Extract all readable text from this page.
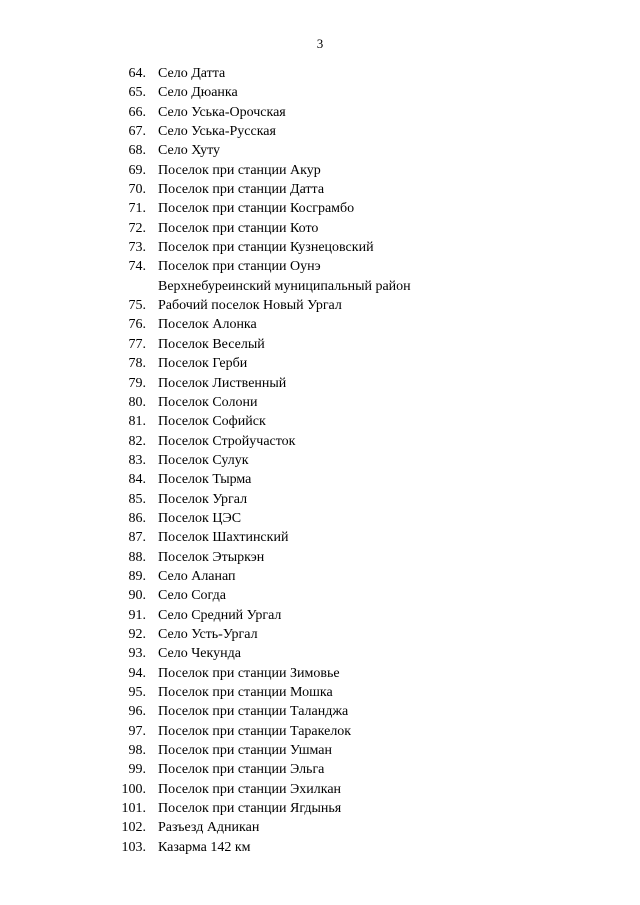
3
64. Село Датта
65. Село Дюанка
66. Село Уська-Орочская
67. Село Уська-Русская
68. Село Хуту
69. Поселок при станции Акур
70. Поселок при станции Датта
71. Поселок при станции Косграмбо
72. Поселок при станции Кото
73. Поселок при станции Кузнецовский
74. Поселок при станции Оунэ
Верхнебуреинский муниципальный район
75. Рабочий поселок Новый Ургал
76. Поселок Алонка
77. Поселок Веселый
78. Поселок Герби
79. Поселок Лиственный
80. Поселок Солони
81. Поселок Софийск
82. Поселок Стройучасток
83. Поселок Сулук
84. Поселок Тырма
85. Поселок Ургал
86. Поселок ЦЭС
87. Поселок Шахтинский
88. Поселок Этыркэн
89. Село Аланап
90. Село Согда
91. Село Средний Ургал
92. Село Усть-Ургал
93. Село Чекунда
94. Поселок при станции Зимовье
95. Поселок при станции Мошка
96. Поселок при станции Таланджа
97. Поселок при станции Таракелок
98. Поселок при станции Ушман
99. Поселок при станции Эльга
100. Поселок при станции Эхилкан
101. Поселок при станции Ягдынья
102. Разъезд Адникан
103. Казарма 142 км
